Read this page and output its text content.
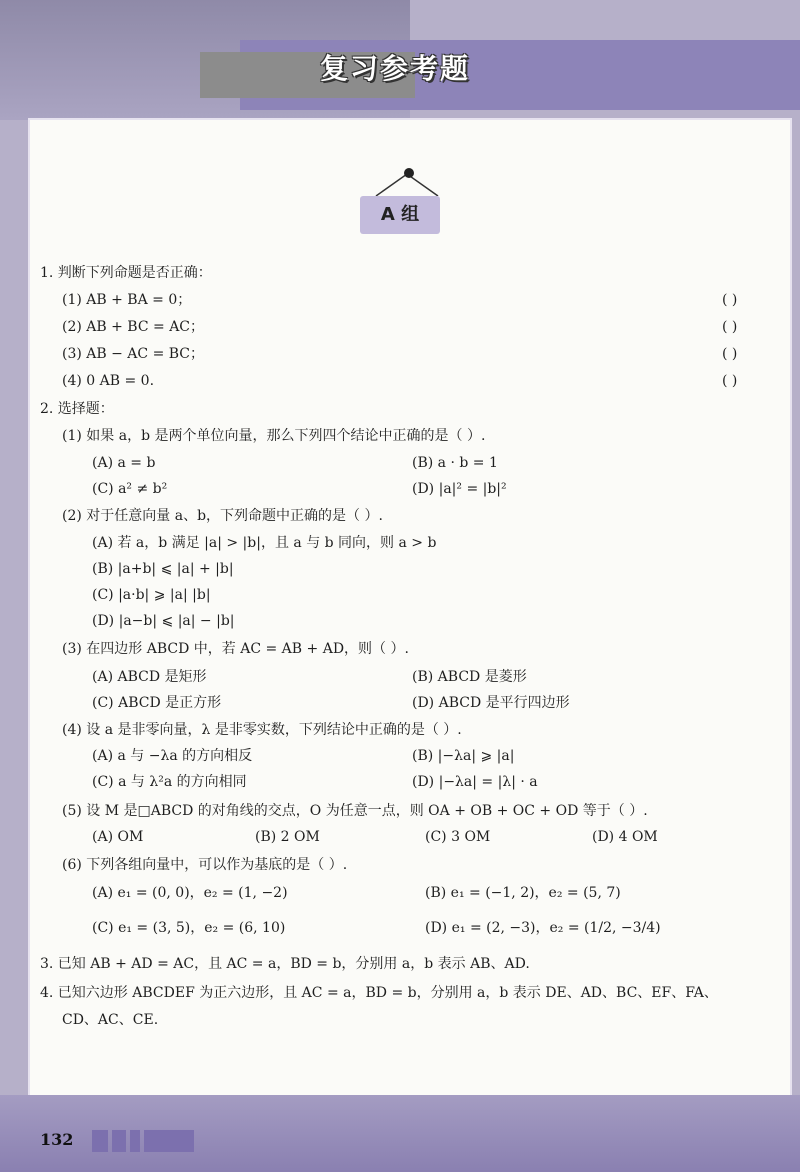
复习参考题
A 组
1. 判断下列命题是否正确：
(1) AB + BA = 0；	( )
(2) AB + BC = AC；	( )
(3) AB − AC = BC；	( )
(4) 0 AB = 0.	( )
2. 选择题：
(1) 如果 a，b 是两个单位向量，那么下列四个结论中正确的是（ ）.
(A) a = b	(B) a · b = 1
(C) a² ≠ b²	(D) |a|² = |b|²
(2) 对于任意向量 a、b，下列命题中正确的是（ ）.
(A) 若 a，b 满足 |a| > |b|，且 a 与 b 同向，则 a > b
(B) |a+b| ⩽ |a| + |b|
(C) |a·b| ⩾ |a| |b|
(D) |a−b| ⩽ |a| − |b|
(3) 在四边形 ABCD 中，若 AC = AB + AD，则（ ）.
(A) ABCD 是矩形	(B) ABCD 是菱形
(C) ABCD 是正方形	(D) ABCD 是平行四边形
(4) 设 a 是非零向量，λ 是非零实数，下列结论中正确的是（ ）.
(A) a 与 −λa 的方向相反	(B) |−λa| ⩾ |a|
(C) a 与 λ²a 的方向相同	(D) |−λa| = |λ| · a
(5) 设 M 是□ABCD 的对角线的交点，O 为任意一点，则 OA + OB + OC + OD 等于（ ）.
(A) OM	(B) 2 OM	(C) 3 OM	(D) 4 OM
(6) 下列各组向量中，可以作为基底的是（ ）.
(A) e₁ = (0, 0)，e₂ = (1, −2)	(B) e₁ = (−1, 2)，e₂ = (5, 7)
(C) e₁ = (3, 5)，e₂ = (6, 10)	(D) e₁ = (2, −3)，e₂ = (1/2, −3/4)
3. 已知 AB + AD = AC，且 AC = a，BD = b，分别用 a，b 表示 AB、AD.
4. 已知六边形 ABCDEF 为正六边形，且 AC = a，BD = b，分别用 a，b 表示 DE、AD、BC、EF、FA、
CD、AC、CE.
132
